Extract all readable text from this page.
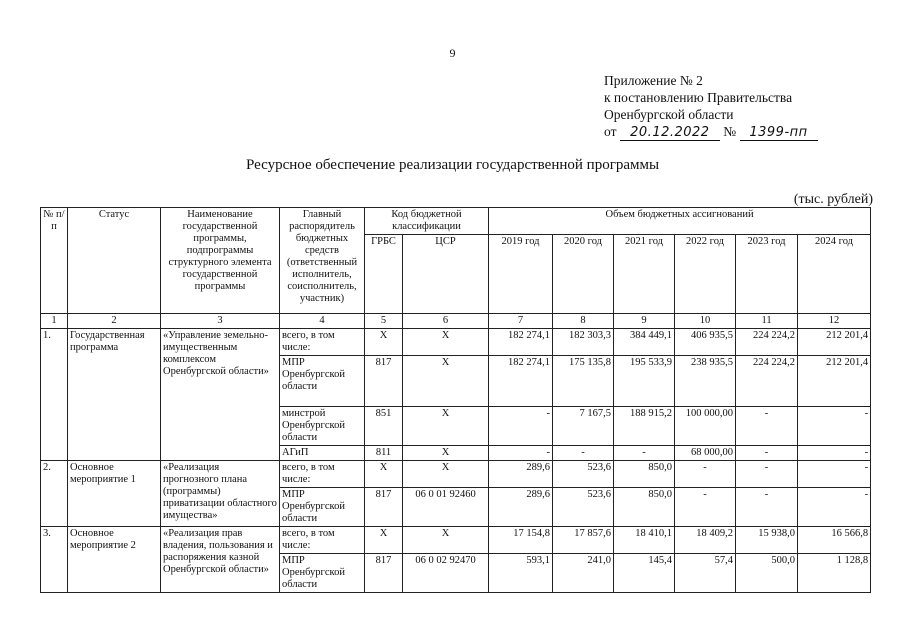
9
Приложение № 2
к постановлению Правительства
Оренбургской области
от 20.12.2022 № 1399-пп
Ресурсное обеспечение реализации государственной программы
(тыс. рублей)
№ п/п	Статус	Наименование государственной программы, подпрограммы структурного элемента государственной программы	Главный распорядитель бюджетных средств (ответственный исполнитель, соисполнитель, участник)	Код бюджетной классификации		Объем бюджетных ассигнований					
				ГРБС	ЦСР	2019 год	2020 год	2021 год	2022 год	2023 год	2024 год

1	2	3	4	5	6	7	8	9	10	11	12
1.	Государственная программа	«Управление земельно-имущественным комплексом Оренбургской области»	всего, в том числе:	Х	Х	182 274,1	182 303,3	384 449,1	406 935,5	224 224,2	212 201,4
			МПР Оренбургской области	817	Х	182 274,1	175 135,8	195 533,9	238 935,5	224 224,2	212 201,4
			минстрой Оренбургской области	851	Х	-	7 167,5	188 915,2	100 000,00	-	-
			АГиП	811	Х	-	-	-	68 000,00	-	-
2.	Основное мероприятие 1	«Реализация прогнозного плана (программы) приватизации областного имущества»	всего, в том числе:	Х	Х	289,6	523,6	850,0	-	-	-
			МПР Оренбургской области	817	06 0 01 92460	289,6	523,6	850,0	-	-	-
3.	Основное мероприятие 2	«Реализация прав владения, пользования и распоряжения казной Оренбургской области»	всего, в том числе:	Х	Х	17 154,8	17 857,6	18 410,1	18 409,2	15 938,0	16 566,8
			МПР Оренбургской области	817	06 0 02 92470	593,1	241,0	145,4	57,4	500,0	1 128,8
